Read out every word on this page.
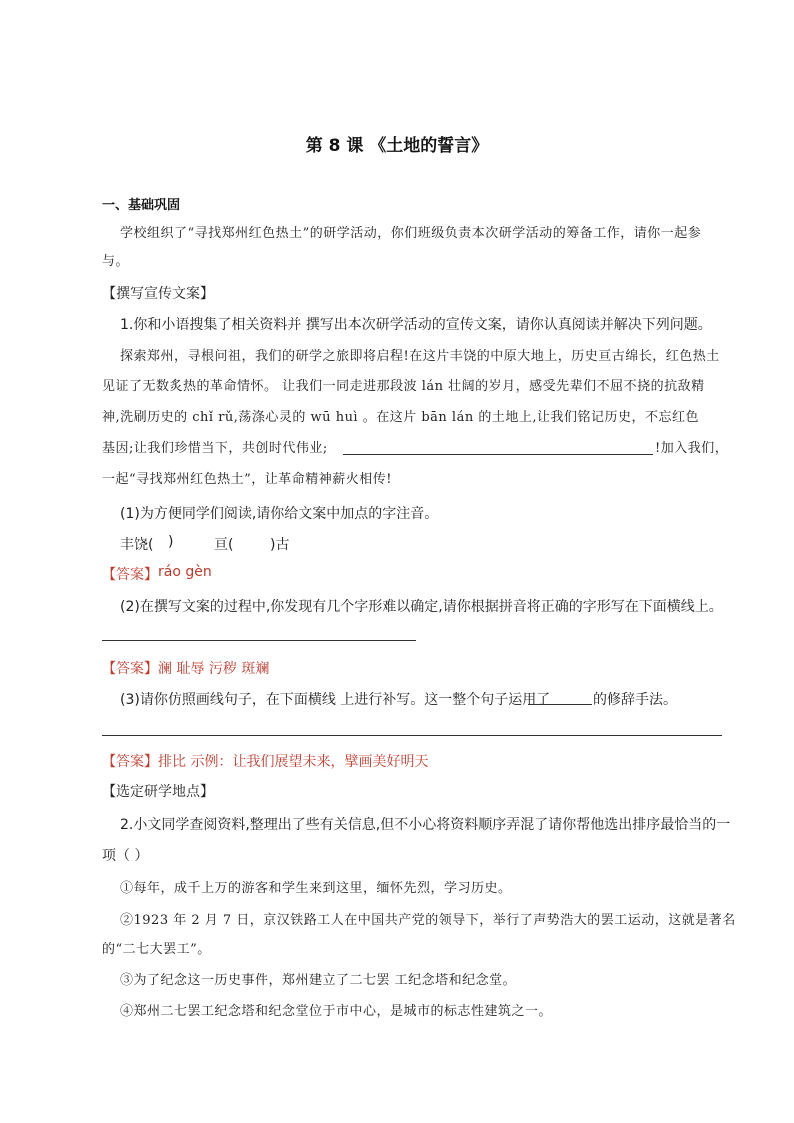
第 8 课 《土地的誓言》
一、基础巩固
学校组织了“寻找郑州红色热土”的研学活动，你们班级负责本次研学活动的筹备工作，请你一起参
与。
【撰写宣传文案】
1.你和小语搜集了相关资料并 撰写出本次研学活动的宣传文案，请你认真阅读并解决下列问题。
探索郑州，寻根问祖，我们的研学之旅即将启程!在这片丰饶的中原大地上，历史亘古绵长，红色热土
见证了无数炙热的革命情怀。 让我们一同走进那段波 lán 壮阔的岁月，感受先辈们不屈不挠的抗敌精
神,洗刷历史的 chǐ rǔ,荡涤心灵的 wū huì 。在这片 bān lán 的土地上,让我们铭记历史，不忘红色
基因;让我们珍惜当下，共创时代伟业;	!加入我们，
一起“寻找郑州红色热土”，让革命精神薪火相传!
(1)为方便同学们阅读,请你给文案中加点的字注音。
丰饶( )	亘(	)古
【答案】 ráo gèn
(2)在撰写文案的过程中,你发现有几个字形难以确定,请你根据拼音将正确的字形写在下面横线上。
【答案】 澜 耻辱 污秽 斑斓
(3)请你仿照画线句子，在下面横线 上进行补写。这一整个句子运用了	的修辞手法。
【答案】 排比 示例：让我们展望未来，擘画美好明天
【选定研学地点】
2.小文同学查阅资料,整理出了些有关信息,但不小心将资料顺序弄混了请你帮他选出排序最恰当的一
项（ ）
①每年，成千上万的游客和学生来到这里，缅怀先烈，学习历史。
②1923 年 2 月 7 日，京汉铁路工人在中国共产党的领导下，举行了声势浩大的罢工运动，这就是著名
的“二七大罢工”。
③为了纪念这一历史事件，郑州建立了二七罢 工纪念塔和纪念堂。
④郑州二七罢工纪念塔和纪念堂位于市中心，是城市的标志性建筑之一。
